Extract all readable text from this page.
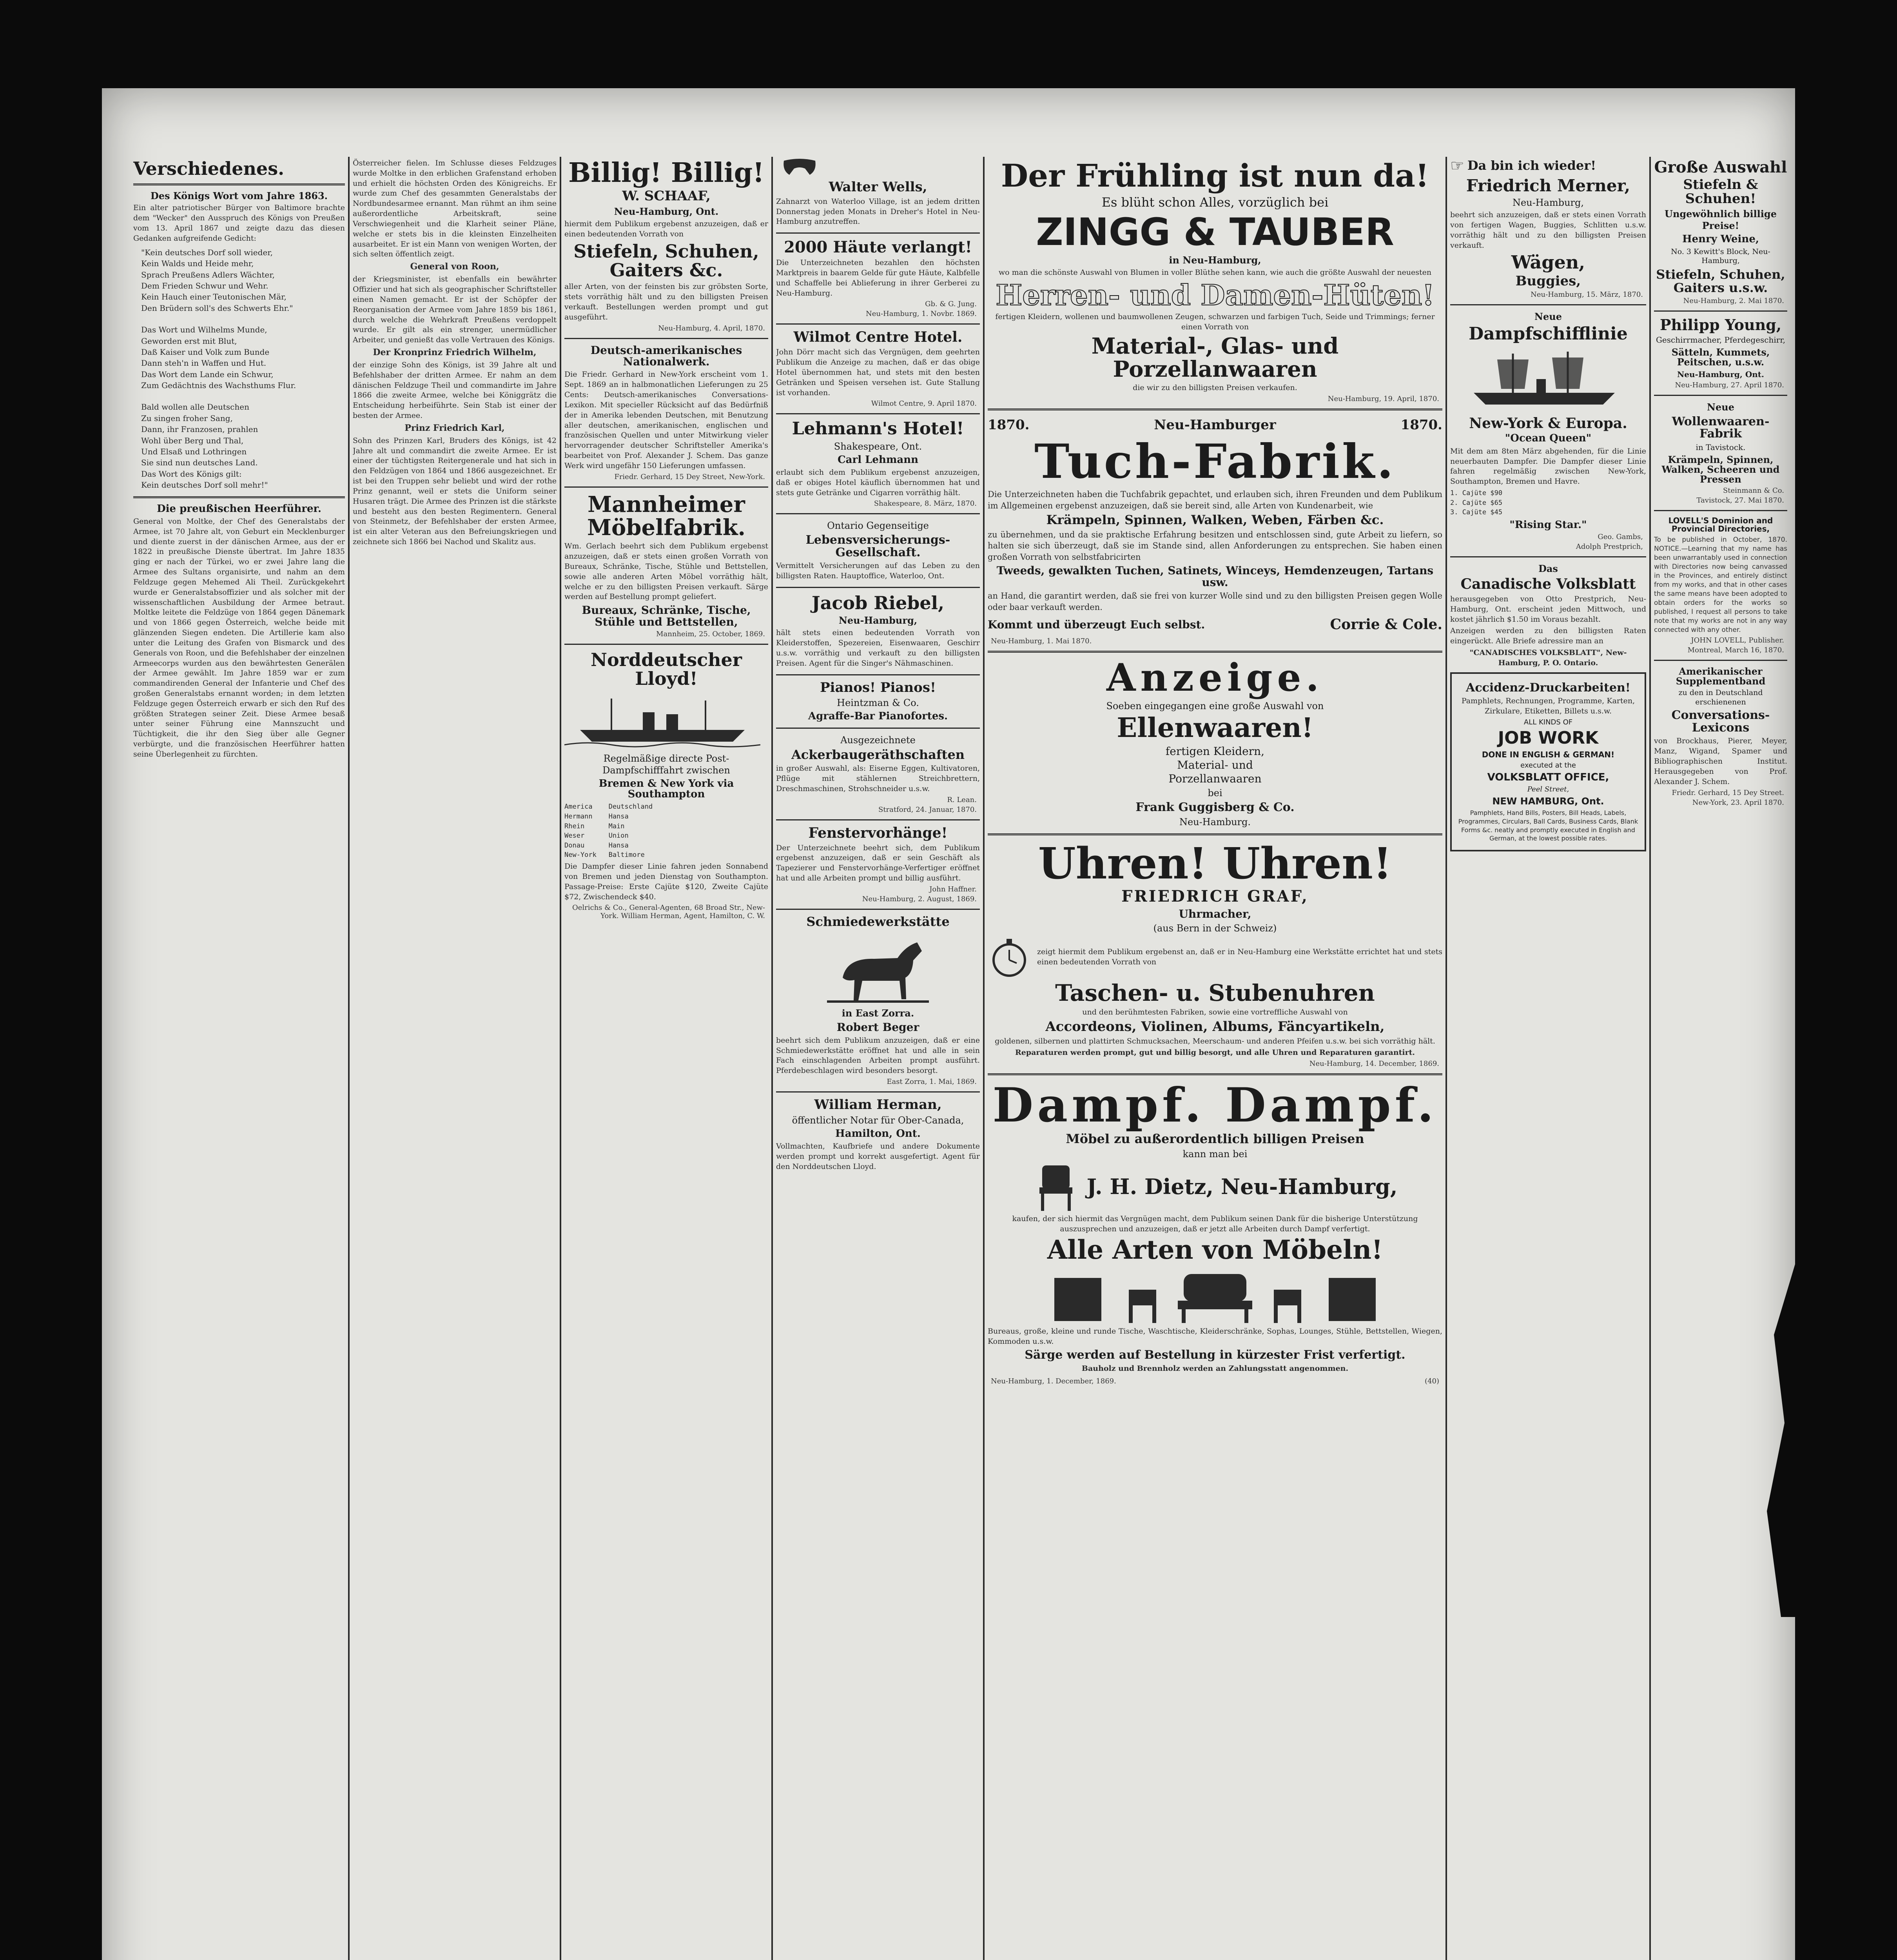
Verschiedenes.
Des Königs Wort vom Jahre 1863.
Ein alter patriotischer Bürger von Baltimore brachte dem "Wecker" den Ausspruch des Königs von Preußen vom 13. April 1867 und zeigte dazu das diesen Gedanken aufgreifende Gedicht:
"Kein deutsches Dorf soll wieder,
Kein Walds und Heide mehr,
Sprach Preußens Adlers Wächter,
Dem Frieden Schwur und Wehr.
Kein Hauch einer Teutonischen Mär,
Den Brüdern soll's des Schwerts Ehr."
Das Wort und Wilhelms Munde,
Geworden erst mit Blut,
Daß Kaiser und Volk zum Bunde
Dann steh'n in Waffen und Hut.
Das Wort dem Lande ein Schwur,
Zum Gedächtnis des Wachsthums Flur.
Bald wollen alle Deutschen
Zu singen froher Sang,
Dann, ihr Franzosen, prahlen
Wohl über Berg und Thal,
Und Elsaß und Lothringen
Sie sind nun deutsches Land.
Das Wort des Königs gilt:
Kein deutsches Dorf soll mehr!"
Die preußischen Heerführer.
General von Moltke, der Chef des Generalstabs der Armee, ist 70 Jahre alt, von Geburt ein Mecklenburger und diente zuerst in der dänischen Armee, aus der er 1822 in preußische Dienste übertrat. Im Jahre 1835 ging er nach der Türkei, wo er zwei Jahre lang die Armee des Sultans organisirte, und nahm an dem Feldzuge gegen Mehemed Ali Theil. Zurückgekehrt wurde er Generalstabsoffizier und als solcher mit der wissenschaftlichen Ausbildung der Armee betraut. Moltke leitete die Feldzüge von 1864 gegen Dänemark und von 1866 gegen Österreich, welche beide mit glänzenden Siegen endeten. Die Artillerie kam also unter die Leitung des Grafen von Bismarck und des Generals von Roon, und die Befehlshaber der einzelnen Armeecorps wurden aus den bewährtesten Generälen der Armee gewählt. Im Jahre 1859 war er zum commandirenden General der Infanterie und Chef des großen Generalstabs ernannt worden; in dem letzten Feldzuge gegen Österreich erwarb er sich den Ruf des größten Strategen seiner Zeit. Diese Armee besaß unter seiner Führung eine Mannszucht und Tüchtigkeit, die ihr den Sieg über alle Gegner verbürgte, und die französischen Heerführer hatten seine Überlegenheit zu fürchten.
Österreicher fielen. Im Schlusse dieses Feldzuges wurde Moltke in den erblichen Grafenstand erhoben und erhielt die höchsten Orden des Königreichs. Er wurde zum Chef des gesammten Generalstabs der Nordbundesarmee ernannt. Man rühmt an ihm seine außerordentliche Arbeitskraft, seine Verschwiegenheit und die Klarheit seiner Pläne, welche er stets bis in die kleinsten Einzelheiten ausarbeitet. Er ist ein Mann von wenigen Worten, der sich selten öffentlich zeigt.
General von Roon,
der Kriegsminister, ist ebenfalls ein bewährter Offizier und hat sich als geographischer Schriftsteller einen Namen gemacht. Er ist der Schöpfer der Reorganisation der Armee vom Jahre 1859 bis 1861, durch welche die Wehrkraft Preußens verdoppelt wurde. Er gilt als ein strenger, unermüdlicher Arbeiter, und genießt das volle Vertrauen des Königs.
Der Kronprinz Friedrich Wilhelm,
der einzige Sohn des Königs, ist 39 Jahre alt und Befehlshaber der dritten Armee. Er nahm an dem dänischen Feldzuge Theil und commandirte im Jahre 1866 die zweite Armee, welche bei Königgrätz die Entscheidung herbeiführte. Sein Stab ist einer der besten der Armee.
Prinz Friedrich Karl,
Sohn des Prinzen Karl, Bruders des Königs, ist 42 Jahre alt und commandirt die zweite Armee. Er ist einer der tüchtigsten Reitergenerale und hat sich in den Feldzügen von 1864 und 1866 ausgezeichnet. Er ist bei den Truppen sehr beliebt und wird der rothe Prinz genannt, weil er stets die Uniform seiner Husaren trägt. Die Armee des Prinzen ist die stärkste und besteht aus den besten Regimentern. General von Steinmetz, der Befehlshaber der ersten Armee, ist ein alter Veteran aus den Befreiungskriegen und zeichnete sich 1866 bei Nachod und Skalitz aus.
Billig! Billig!
W. SCHAAF,
Neu-Hamburg, Ont.
hiermit dem Publikum ergebenst anzuzeigen, daß er einen bedeutenden Vorrath von
Stiefeln, Schuhen, Gaiters &c.
aller Arten, von der feinsten bis zur gröbsten Sorte, stets vorräthig hält und zu den billigsten Preisen verkauft. Bestellungen werden prompt und gut ausgeführt.
Neu-Hamburg, 4. April, 1870.
Deutsch-amerikanisches Nationalwerk.
Die Friedr. Gerhard in New-York erscheint vom 1. Sept. 1869 an in halbmonatlichen Lieferungen zu 25 Cents: Deutsch-amerikanisches Conversations-Lexikon. Mit specieller Rücksicht auf das Bedürfniß der in Amerika lebenden Deutschen, mit Benutzung aller deutschen, amerikanischen, englischen und französischen Quellen und unter Mitwirkung vieler hervorragender deutscher Schriftsteller Amerika's bearbeitet von Prof. Alexander J. Schem. Das ganze Werk wird ungefähr 150 Lieferungen umfassen.
Friedr. Gerhard, 15 Dey Street, New-York.
Mannheimer Möbelfabrik.
Wm. Gerlach beehrt sich dem Publikum ergebenst anzuzeigen, daß er stets einen großen Vorrath von Bureaux, Schränke, Tische, Stühle und Bettstellen, sowie alle anderen Arten Möbel vorräthig hält, welche er zu den billigsten Preisen verkauft. Särge werden auf Bestellung prompt geliefert.
Bureaux, Schränke, Tische, Stühle und Bettstellen,
Mannheim, 25. October, 1869.
Norddeutscher Lloyd!
Regelmäßige directe Post-Dampfschifffahrt zwischen
Bremen & New York via Southampton
America    Deutschland
Hermann    Hansa
Rhein      Main
Weser      Union
Donau      Hansa
New-York   Baltimore
Die Dampfer dieser Linie fahren jeden Sonnabend von Bremen und jeden Dienstag von Southampton. Passage-Preise: Erste Cajüte $120, Zweite Cajüte $72, Zwischendeck $40.
Oelrichs & Co., General-Agenten, 68 Broad Str., New-York. William Herman, Agent, Hamilton, C. W.
Walter Wells,
Zahnarzt von Waterloo Village, ist an jedem dritten Donnerstag jeden Monats in Dreher's Hotel in Neu-Hamburg anzutreffen.
2000 Häute verlangt!
Die Unterzeichneten bezahlen den höchsten Marktpreis in baarem Gelde für gute Häute, Kalbfelle und Schaffelle bei Ablieferung in ihrer Gerberei zu Neu-Hamburg.
Gb. & G. Jung.
Neu-Hamburg, 1. Novbr. 1869.
Wilmot Centre Hotel.
John Dörr macht sich das Vergnügen, dem geehrten Publikum die Anzeige zu machen, daß er das obige Hotel übernommen hat, und stets mit den besten Getränken und Speisen versehen ist. Gute Stallung ist vorhanden.
Wilmot Centre, 9. April 1870.
Lehmann's Hotel!
Shakespeare, Ont.
Carl Lehmann
erlaubt sich dem Publikum ergebenst anzuzeigen, daß er obiges Hotel käuflich übernommen hat und stets gute Getränke und Cigarren vorräthig hält.
Shakespeare, 8. März, 1870.
Ontario Gegenseitige
Lebensversicherungs-Gesellschaft.
Vermittelt Versicherungen auf das Leben zu den billigsten Raten. Hauptoffice, Waterloo, Ont.
Jacob Riebel,
Neu-Hamburg,
hält stets einen bedeutenden Vorrath von Kleiderstoffen, Spezereien, Eisenwaaren, Geschirr u.s.w. vorräthig und verkauft zu den billigsten Preisen. Agent für die Singer's Nähmaschinen.
Pianos! Pianos!
Heintzman & Co.
Agraffe-Bar Pianofortes.
Ausgezeichnete
Ackerbaugeräthschaften
in großer Auswahl, als: Eiserne Eggen, Kultivatoren, Pflüge mit stählernen Streichbrettern, Dreschmaschinen, Strohschneider u.s.w.
R. Lean.
Stratford, 24. Januar, 1870.
Fenstervorhänge!
Der Unterzeichnete beehrt sich, dem Publikum ergebenst anzuzeigen, daß er sein Geschäft als Tapezierer und Fenstervorhänge-Verfertiger eröffnet hat und alle Arbeiten prompt und billig ausführt.
John Haffner.
Neu-Hamburg, 2. August, 1869.
Schmiedewerkstätte
in East Zorra.
Robert Beger
beehrt sich dem Publikum anzuzeigen, daß er eine Schmiedewerkstätte eröffnet hat und alle in sein Fach einschlagenden Arbeiten prompt ausführt. Pferdebeschlagen wird besonders besorgt.
East Zorra, 1. Mai, 1869.
William Herman,
öffentlicher Notar für Ober-Canada,
Hamilton, Ont.
Vollmachten, Kaufbriefe und andere Dokumente werden prompt und korrekt ausgefertigt. Agent für den Norddeutschen Lloyd.
Der Frühling ist nun da!
Es blüht schon Alles, vorzüglich bei
ZINGG & TAUBER
in Neu-Hamburg,
wo man die schönste Auswahl von Blumen in voller Blüthe sehen kann, wie auch die größte Auswahl der neuesten
Herren- und Damen-Hüten!
fertigen Kleidern, wollenen und baumwollenen Zeugen, schwarzen und farbigen Tuch, Seide und Trimmings; ferner einen Vorrath von
Material-, Glas- und Porzellanwaaren
die wir zu den billigsten Preisen verkaufen.
Neu-Hamburg, 19. April, 1870.
1870.	Neu-Hamburger	1870.
Tuch-Fabrik.
Die Unterzeichneten haben die Tuchfabrik gepachtet, und erlauben sich, ihren Freunden und dem Publikum im Allgemeinen ergebenst anzuzeigen, daß sie bereit sind, alle Arten von Kundenarbeit, wie
Krämpeln, Spinnen, Walken, Weben, Färben &c.
zu übernehmen, und da sie praktische Erfahrung besitzen und entschlossen sind, gute Arbeit zu liefern, so halten sie sich überzeugt, daß sie im Stande sind, allen Anforderungen zu entsprechen. Sie haben einen großen Vorrath von selbstfabricirten
Tweeds, gewalkten Tuchen, Satinets, Winceys, Hemdenzeugen, Tartans usw.
an Hand, die garantirt werden, daß sie frei von kurzer Wolle sind und zu den billigsten Preisen gegen Wolle oder baar verkauft werden.
Kommt und überzeugt Euch selbst.	Corrie & Cole.
Neu-Hamburg, 1. Mai 1870.
Anzeige.
Soeben eingegangen eine große Auswahl von
Ellenwaaren!
fertigen Kleidern,
Material- und
Porzellanwaaren
bei
Frank Guggisberg & Co.
Neu-Hamburg.
Uhren! Uhren!
FRIEDRICH GRAF,
Uhrmacher,
(aus Bern in der Schweiz)
zeigt hiermit dem Publikum ergebenst an, daß er in Neu-Hamburg eine Werkstätte errichtet hat und stets einen bedeutenden Vorrath von
Taschen- u. Stubenuhren
und den berühmtesten Fabriken, sowie eine vortreffliche Auswahl von
Accordeons, Violinen, Albums, Fäncyartikeln,
goldenen, silbernen und plattirten Schmucksachen, Meerschaum- und anderen Pfeifen u.s.w. bei sich vorräthig hält.
Reparaturen werden prompt, gut und billig besorgt, und alle Uhren und Reparaturen garantirt.
Neu-Hamburg, 14. December, 1869.
Dampf. Dampf.
Möbel zu außerordentlich billigen Preisen
kann man bei
J. H. Dietz, Neu-Hamburg,
kaufen, der sich hiermit das Vergnügen macht, dem Publikum seinen Dank für die bisherige Unterstützung auszusprechen und anzuzeigen, daß er jetzt alle Arbeiten durch Dampf verfertigt.
Alle Arten von Möbeln!
Bureaus, große, kleine und runde Tische, Waschtische, Kleiderschränke, Sophas, Lounges, Stühle, Bettstellen, Wiegen, Kommoden u.s.w.
Särge werden auf Bestellung in kürzester Frist verfertigt.
Bauholz und Brennholz werden an Zahlungsstatt angenommen.
Neu-Hamburg, 1. December, 1869.	(40)
☞ Da bin ich wieder!
Friedrich Merner,
Neu-Hamburg,
beehrt sich anzuzeigen, daß er stets einen Vorrath von fertigen Wagen, Buggies, Schlitten u.s.w. vorräthig hält und zu den billigsten Preisen verkauft.
Wägen,
Buggies,
Neu-Hamburg, 15. März, 1870.
Neue
Dampfschifflinie
New-York & Europa.
"Ocean Queen"
Mit dem am 8ten März abgehenden, für die Linie neuerbauten Dampfer. Die Dampfer dieser Linie fahren regelmäßig zwischen New-York, Southampton, Bremen und Havre.
1. Cajüte $90
2. Cajüte $65
3. Cajüte $45
"Rising Star."
Geo. Gambs,
Adolph Prestprich,
Das
Canadische Volksblatt
herausgegeben von Otto Prestprich, Neu-Hamburg, Ont. erscheint jeden Mittwoch, und kostet jährlich $1.50 im Voraus bezahlt.
Anzeigen werden zu den billigsten Raten eingerückt. Alle Briefe adressire man an
"CANADISCHES VOLKSBLATT", New-Hamburg, P. O. Ontario.
Accidenz-Druckarbeiten!
Pamphlets, Rechnungen, Programme, Karten, Zirkulare, Etiketten, Billets u.s.w.
ALL KINDS OF
JOB WORK
DONE IN ENGLISH & GERMAN!
executed at the
VOLKSBLATT OFFICE,
Peel Street,
NEW HAMBURG, Ont.
Pamphlets, Hand Bills, Posters, Bill Heads, Labels, Programmes, Circulars, Ball Cards, Business Cards, Blank Forms &c. neatly and promptly executed in English and German, at the lowest possible rates.
Große Auswahl
Stiefeln & Schuhen!
Ungewöhnlich billige Preise!
Henry Weine,
No. 3 Kewitt's Block, Neu-Hamburg,
Stiefeln, Schuhen, Gaiters u.s.w.
Neu-Hamburg, 2. Mai 1870.
Philipp Young,
Geschirrmacher, Pferdegeschirr,
Sätteln, Kummets, Peitschen, u.s.w.
Neu-Hamburg, Ont.
Neu-Hamburg, 27. April 1870.
Neue
Wollenwaaren-Fabrik
in Tavistock.
Krämpeln, Spinnen, Walken, Scheeren und Pressen
Steinmann & Co.
Tavistock, 27. Mai 1870.
LOVELL'S Dominion and Provincial Directories,
To be published in October, 1870. NOTICE.—Learning that my name has been unwarrantably used in connection with Directories now being canvassed in the Provinces, and entirely distinct from my works, and that in other cases the same means have been adopted to obtain orders for the works so published, I request all persons to take note that my works are not in any way connected with any other.
JOHN LOVELL, Publisher.
Montreal, March 16, 1870.
Amerikanischer Supplementband
zu den in Deutschland erschienenen
Conversations-Lexicons
von Brockhaus, Pierer, Meyer, Manz, Wigand, Spamer und Bibliographischen Institut. Herausgegeben von Prof. Alexander J. Schem.
Friedr. Gerhard, 15 Dey Street.
New-York, 23. April 1870.
